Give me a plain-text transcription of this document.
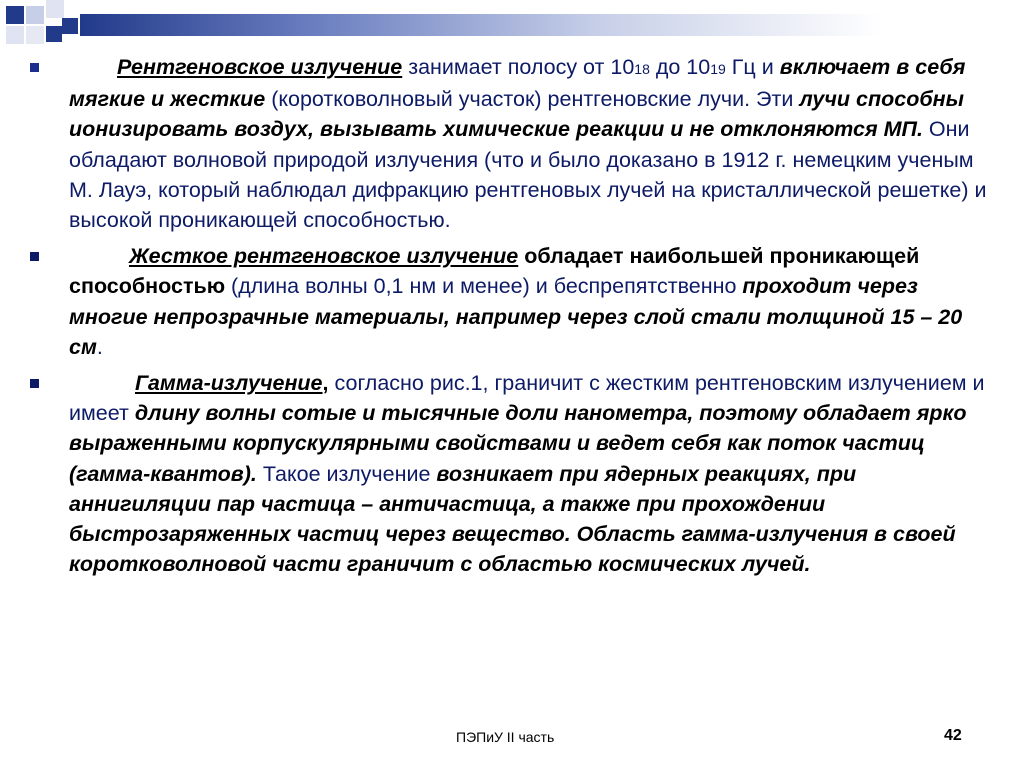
Рентгеновское излучение занимает полосу от 1018 до 1019 Гц и включает в себя мягкие и жесткие (коротковолновый участок) рентгеновские лучи. Эти лучи способны ионизировать воздух, вызывать химические реакции и не отклоняются МП. Они обладают волновой природой излучения (что и было доказано в 1912 г. немецким ученым М. Лауэ, который наблюдал дифракцию рентгеновых лучей на кристаллической решетке) и высокой проникающей способностью.

Жесткое рентгеновское излучение обладает наибольшей проникающей способностью (длина волны 0,1 нм и менее) и беспрепятственно проходит через многие непрозрачные материалы, например через слой стали толщиной 15 – 20 см.

Гамма-излучение, согласно рис.1, граничит с жестким рентгеновским излучением и имеет длину волны сотые и тысячные доли нанометра, поэтому обладает ярко выраженными корпускулярными свойствами и ведет себя как поток частиц (гамма-квантов). Такое излучение возникает при ядерных реакциях, при аннигиляции пар частица – античастица, а также при прохождении быстрозаряженных частиц через вещество. Область гамма-излучения в своей коротковолновой части граничит с областью космических лучей.

ПЭПиУ II часть	42
